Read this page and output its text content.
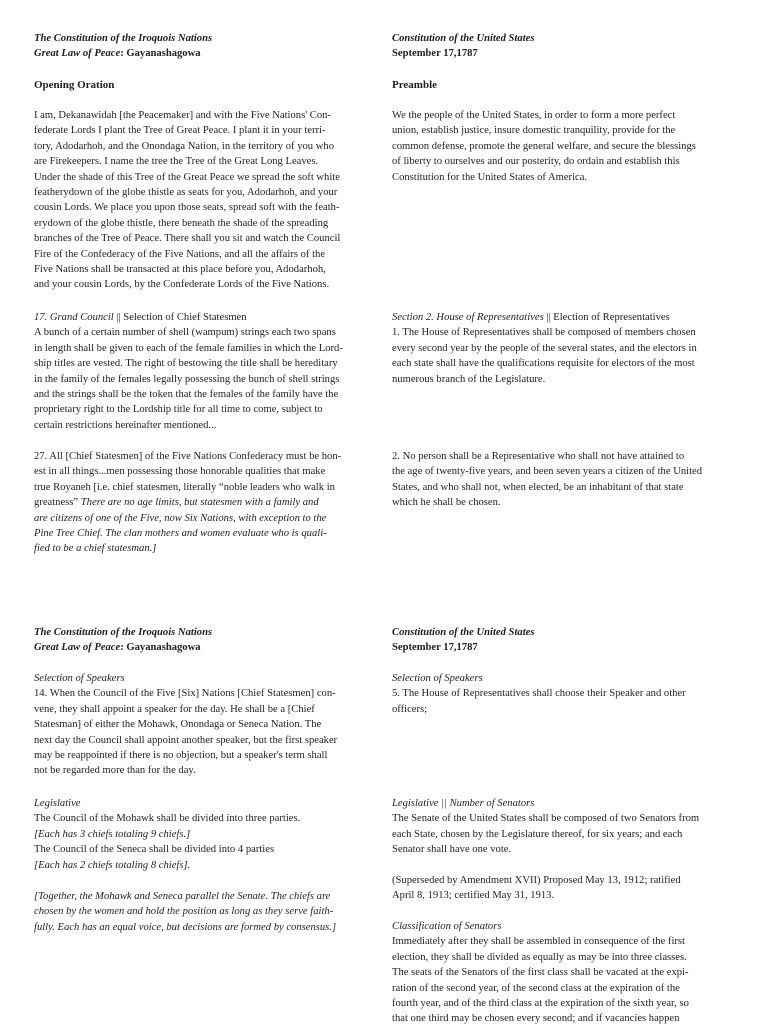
The Constitution of the Iroquois Nations
Great Law of Peace: Gayanashagowa
Opening Oration
I am, Dekanawidah [the Peacemaker] and with the Five Nations' Con-
federate Lords I plant the Tree of Great Peace. I plant it in your terri-
tory, Adodarhoh, and the Onondaga Nation, in the territory of you who
are Firekeepers. I name the tree the Tree of the Great Long Leaves.
Under the shade of this Tree of the Great Peace we spread the soft white
featherydown of the globe thistle as seats for you, Adodarhoh, and your
cousin Lords. We place you upon those seats, spread soft with the feath-
erydown of the globe thistle, there beneath the shade of the spreading
branches of the Tree of Peace. There shall you sit and watch the Council
Fire of the Confederacy of the Five Nations, and all the affairs of the
Five Nations shall be transacted at this place before you, Adodarhoh,
and your cousin Lords, by the Confederate Lords of the Five Nations.
17. Grand Council || Selection of Chief Statesmen
A bunch of a certain number of shell (wampum) strings each two spans
in length shall be given to each of the female families in which the Lord-
ship titles are vested. The right of bestowing the title shall be hereditary
in the family of the females legally possessing the bunch of shell strings
and the strings shall be the token that the females of the family have the
proprietary right to the Lordship title for all time to come, subject to
certain restrictions hereinafter mentioned...
27. All [Chief Statesmen] of the Five Nations Confederacy must be hon-
est in all things...men possessing those honorable qualities that make
true Royaneh [i.e. chief statesmen, literally “noble leaders who walk in
greatness” There are no age limits, but statesmen with a family and
are citizens of one of the Five, now Six Nations, with exception to the
Pine Tree Chief. The clan mothers and women evaluate who is quali-
fied to be a chief statesman.]
Constitution of the United States
September 17,1787
Preamble
We the people of the United States, in order to form a more perfect
union, establish justice, insure domestic tranquility, provide for the
common defense, promote the general welfare, and secure the blessings
of liberty to ourselves and our posterity, do ordain and establish this
Constitution for the United States of America.
Section 2. House of Representatives || Election of Representatives
1. The House of Representatives shall be composed of members chosen
every second year by the people of the several states, and the electors in
each state shall have the qualifications requisite for electors of the most
numerous branch of the Legislature.
2. No person shall be a Representative who shall not have attained to
the age of twenty-five years, and been seven years a citizen of the United
States, and who shall not, when elected, be an inhabitant of that state
which he shall be chosen.
The Constitution of the Iroquois Nations
Great Law of Peace: Gayanashagowa
Selection of Speakers
14. When the Council of the Five [Six] Nations [Chief Statesmen] con-
vene, they shall appoint a speaker for the day. He shall be a [Chief
Statesman] of either the Mohawk, Onondaga or Seneca Nation. The
next day the Council shall appoint another speaker, but the first speaker
may be reappointed if there is no objection, but a speaker's term shall
not be regarded more than for the day.
Legislative
The Council of the Mohawk shall be divided into three parties.
[Each has 3 chiefs totaling 9 chiefs.]
The Council of the Seneca shall be divided into 4 parties
[Each has 2 chiefs totaling 8 chiefs].
[Together, the Mohawk and Seneca parallel the Senate. The chiefs are
chosen by the women and hold the position as long as they serve faith-
fully. Each has an equal voice, but decisions are formed by consensus.]
Constitution of the United States
September 17,1787
Selection of Speakers
5. The House of Representatives shall choose their Speaker and other
officers;
Legislative || Number of Senators
The Senate of the United States shall be composed of two Senators from
each State, chosen by the Legislature thereof, for six years; and each
Senator shall have one vote.
(Superseded by Amendment XVII) Proposed May 13, 1912; ratified
April 8, 1913; certified May 31, 1913.
Classification of Senators
Immediately after they shall be assembled in consequence of the first
election, they shall be divided as equally as may be into three classes.
The seats of the Senators of the first class shall be vacated at the expi-
ration of the second year, of the second class at the expiration of the
fourth year, and of the third class at the expiration of the sixth year, so
that one third may be chosen every second; and if vacancies happen
